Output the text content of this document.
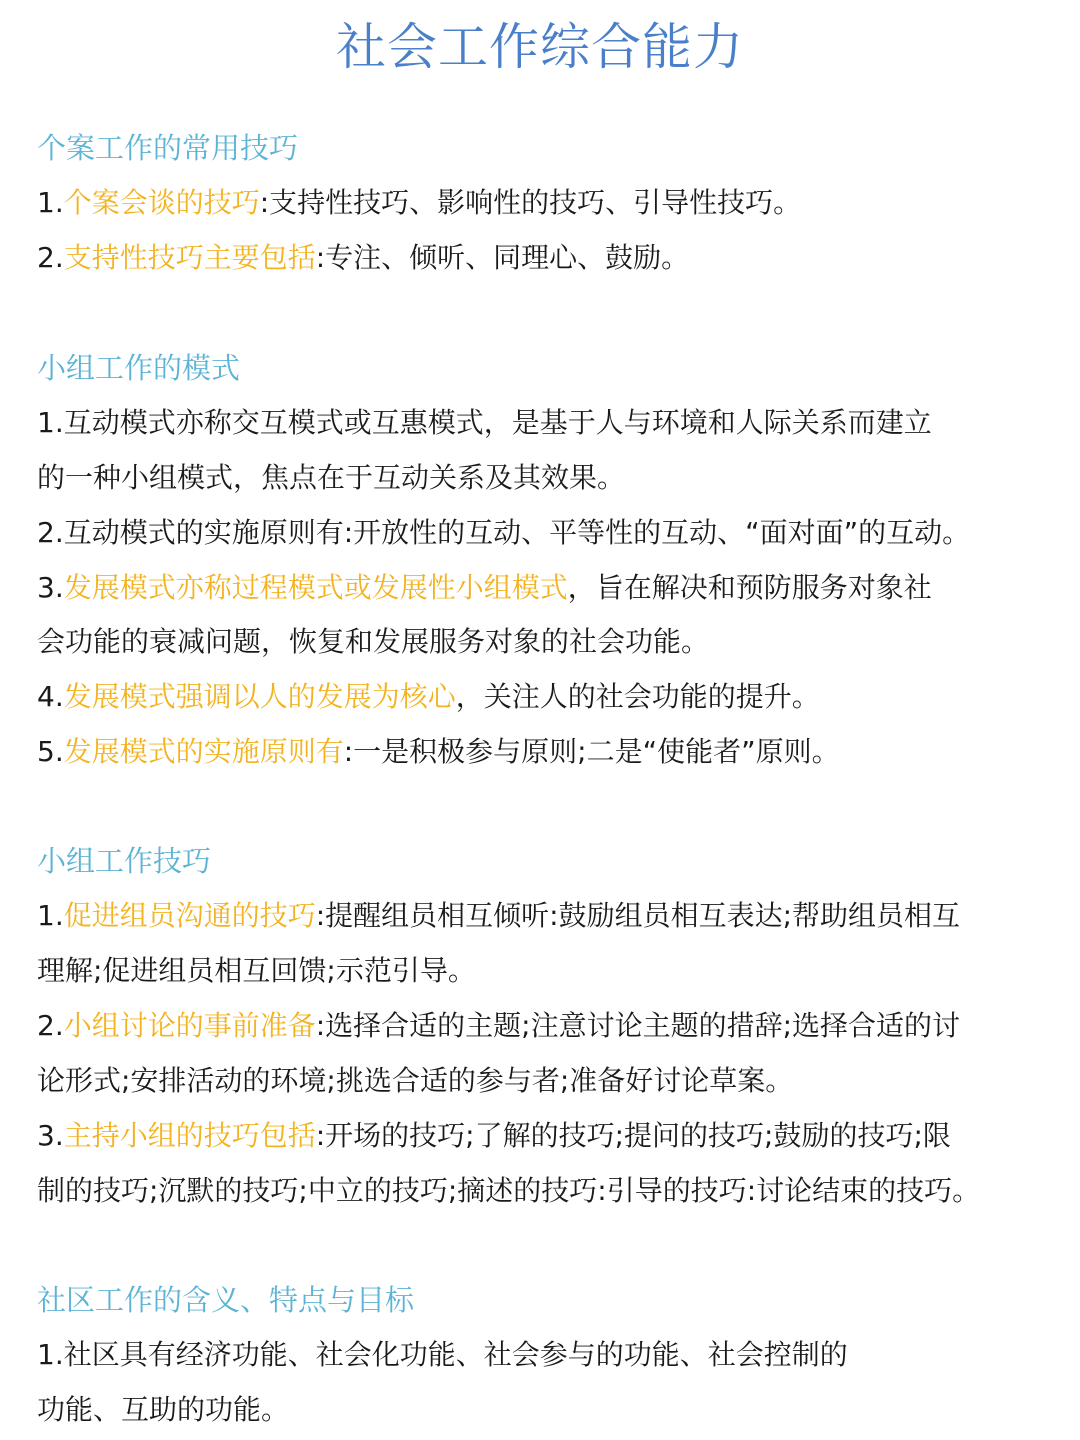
社会工作综合能力
个案工作的常用技巧
1.个案会谈的技巧:支持性技巧、影响性的技巧、引导性技巧。
2.支持性技巧主要包括:专注、倾听、同理心、鼓励。
小组工作的模式
1.互动模式亦称交互模式或互惠模式，是基于人与环境和人际关系而建立
的一种小组模式，焦点在于互动关系及其效果。
2.互动模式的实施原则有:开放性的互动、平等性的互动、“面对面”的互动。
3.发展模式亦称过程模式或发展性小组模式，旨在解决和预防服务对象社
会功能的衰减问题，恢复和发展服务对象的社会功能。
4.发展模式强调以人的发展为核心，关注人的社会功能的提升。
5.发展模式的实施原则有:一是积极参与原则;二是“使能者”原则。
小组工作技巧
1.促进组员沟通的技巧:提醒组员相互倾听:鼓励组员相互表达;帮助组员相互
理解;促进组员相互回馈;示范引导。
2.小组讨论的事前准备:选择合适的主题;注意讨论主题的措辞;选择合适的讨
论形式;安排活动的环境;挑选合适的参与者;准备好讨论草案。
3.主持小组的技巧包括:开场的技巧;了解的技巧;提问的技巧;鼓励的技巧;限
制的技巧;沉默的技巧;中立的技巧;摘述的技巧:引导的技巧:讨论结束的技巧。
社区工作的含义、特点与目标
1.社区具有经济功能、社会化功能、社会参与的功能、社会控制的
功能、互助的功能。
